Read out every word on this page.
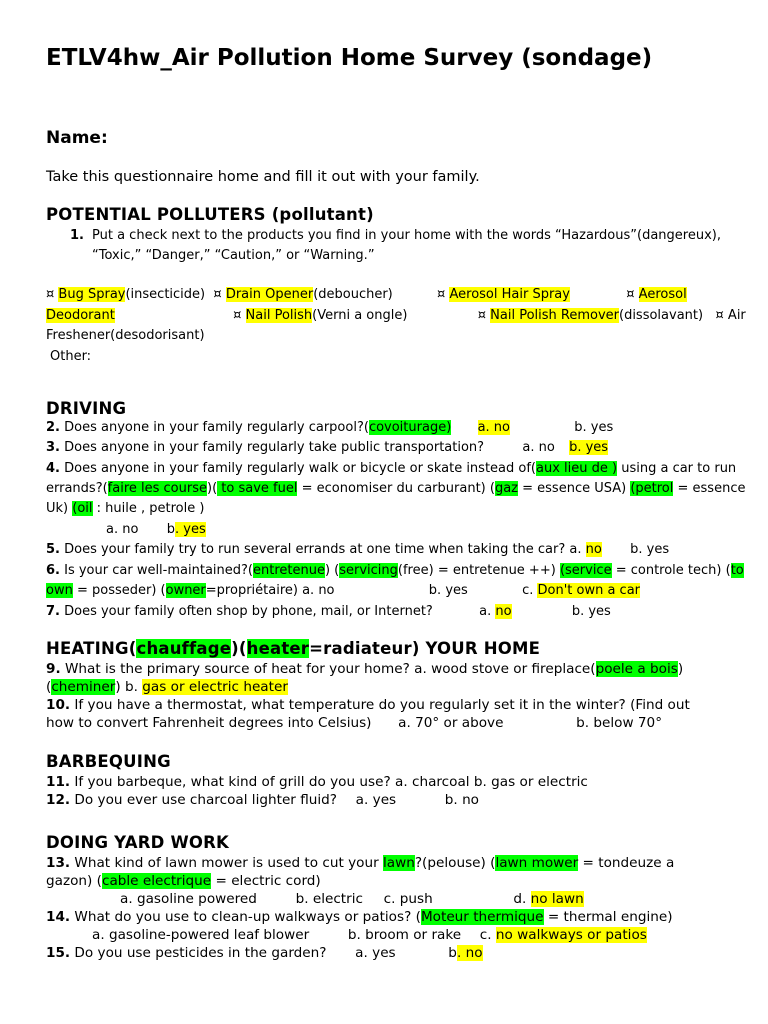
ETLV4hw_Air Pollution Home Survey (sondage)
Name:
Take this questionnaire home and fill it out with your family.
POTENTIAL POLLUTERS (pollutant)
1. Put a check next to the products you find in your home with the words “Hazardous”(dangereux), “Toxic,” “Danger,” “Caution,” or “Warning.”
¤ Bug Spray(insecticide) ¤ Drain Opener(deboucher)	¤ Aerosol Hair Spray	¤ Aerosol
Deodorant	¤ Nail Polish(Verni a ongle)	¤ Nail Polish Remover(dissolavant) ¤ Air
Freshener(desodorisant)
Other:
DRIVING
2. Does anyone in your family regularly carpool?(covoiturage) a. no	b. yes
3. Does anyone in your family regularly take public transportation?	a. no b. yes
4. Does anyone in your family regularly walk or bicycle or skate instead of(aux lieu de ) using a car to run
errands?(faire les course)( to save fuel = economiser du carburant) (gaz = essence USA) (petrol = essence
Uk) (oil : huile , petrole )
a. no b. yes
5. Does your family try to run several errands at one time when taking the car? a. no b. yes
6. Is your car well-maintained?(entretenue) (servicing(free) = entretenue ++) (service = controle tech) (to
own = posseder) (owner=propriétaire) a. no	b. yes	c. Don't own a car
7. Does your family often shop by phone, mail, or Internet?	a. no	b. yes
HEATING(chauffage)(heater=radiateur) YOUR HOME
9. What is the primary source of heat for your home? a. wood stove or fireplace(poele a bois)
(cheminer) b. gas or electric heater
10. If you have a thermostat, what temperature do you regularly set it in the winter? (Find out
how to convert Fahrenheit degrees into Celsius) a. 70° or above	b. below 70°
BARBEQUING
11. If you barbeque, what kind of grill do you use? a. charcoal b. gas or electric
12. Do you ever use charcoal lighter fluid? a. yes	b. no
DOING YARD WORK
13. What kind of lawn mower is used to cut your lawn?(pelouse) (lawn mower = tondeuze a
gazon) (cable electrique = electric cord)
a. gasoline powered	b. electric c. push	d. no lawn
14. What do you use to clean-up walkways or patios? (Moteur thermique = thermal engine)
a. gasoline-powered leaf blower	b. broom or rake c. no walkways or patios
15. Do you use pesticides in the garden? a. yes	b. no
